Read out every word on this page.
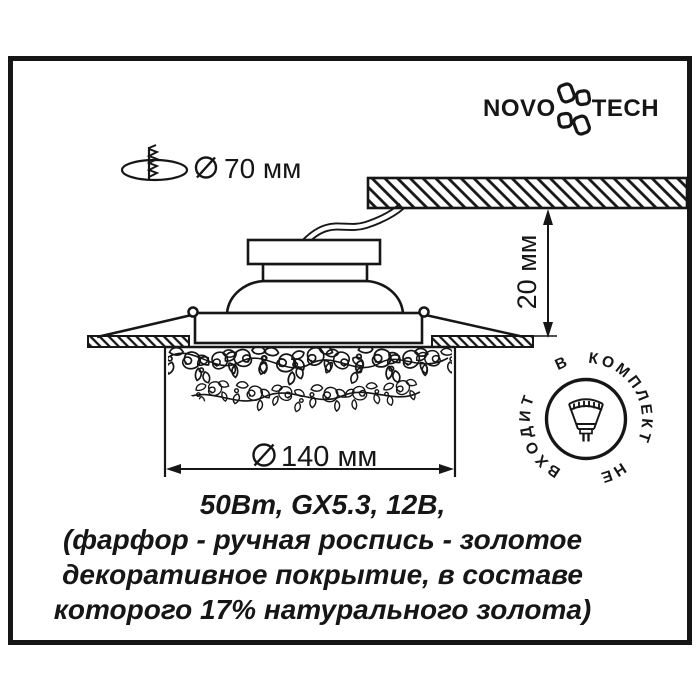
NOVO TECH
140 мм
20 мм
70 мм
КОМПЛЕКТ
НЕ
ВХОДИТ
В
50Вт, GX5.3, 12В,
(фарфор - ручная роспись - золотое
декоративное покрытие, в составе
которого 17% натурального золота)
